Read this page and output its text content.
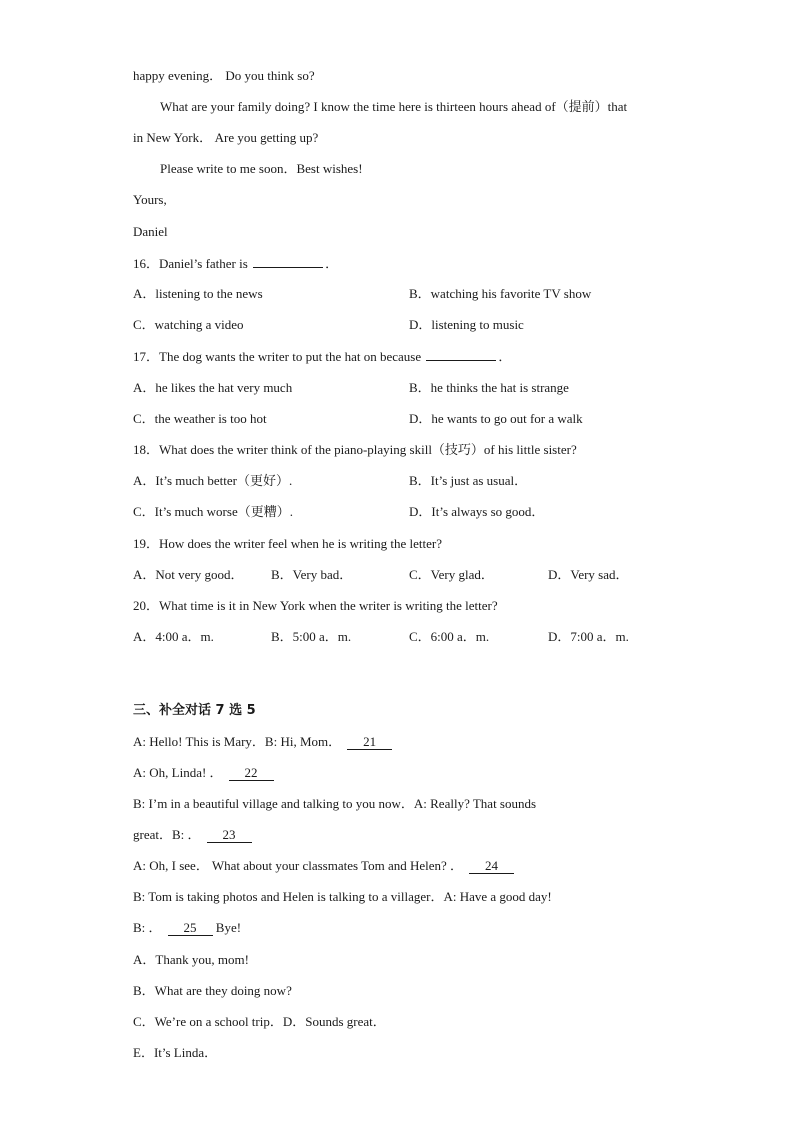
happy evening． Do you think so?
What are your family doing? I know the time here is thirteen hours ahead of（提前）that
in New York． Are you getting up?
Please write to me soon．Best wishes!
Yours,
Daniel
16．Daniel’s father is	．
A．listening to the news	B．watching his favorite TV show
C．watching a video	D．listening to music
17．The dog wants the writer to put the hat on because	．
A．he likes the hat very much	B．he thinks the hat is strange
C．the weather is too hot	D．he wants to go out for a walk
18．What does the writer think of the piano-playing skill（技巧）of his little sister?
A．It’s much better（更好）.	B．It’s just as usual．
C．It’s much worse（更糟）.	D．It’s always so good．
19．How does the writer feel when he is writing the letter?
A．Not very good． B．Very bad．	C．Very glad．	D．Very sad．
20．What time is it in New York when the writer is writing the letter?
A．4:00 a．m.	B．5:00 a．m.	C．6:00 a．m.	D．7:00 a．m.
三、补全对话 7 选 5
A: Hello! This is Mary．B: Hi, Mom． 21
A: Oh, Linda! ． 22
B: I’m in a beautiful village and talking to you now．A: Really? That sounds
great．B: ． 23
A: Oh, I see． What about your classmates Tom and Helen? ． 24
B: Tom is taking photos and Helen is talking to a villager．A: Have a good day!
B: ． 25 Bye!
A．Thank you, mom!
B．What are they doing now?
C．We’re on a school trip．D．Sounds great．
E．It’s Linda．
